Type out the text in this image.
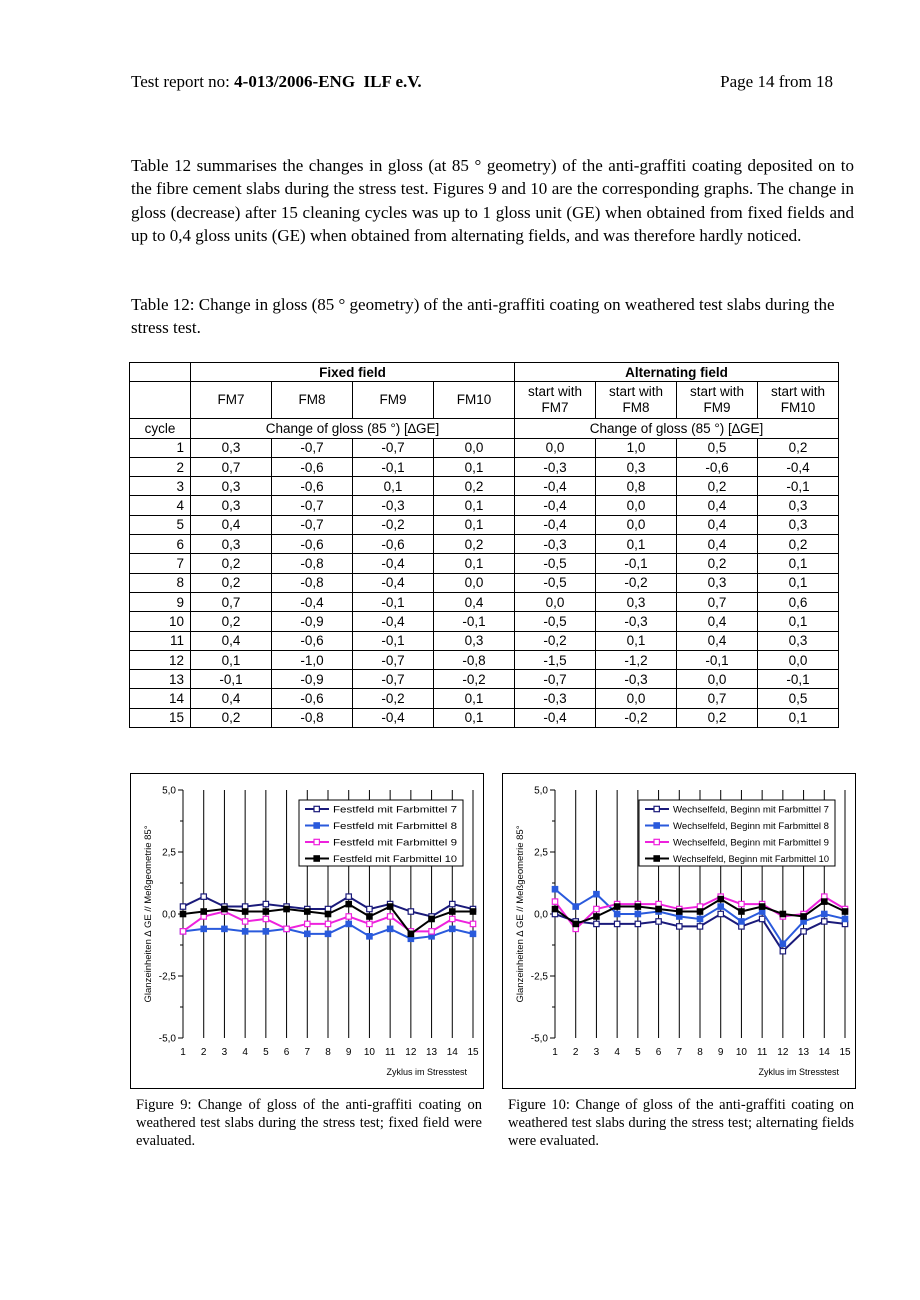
Test report no: 4-013/2006-ENG ILF e.V.	Page 14 from 18

Table 12 summarises the changes in gloss (at 85 ° geometry) of the anti-graffiti coating deposited on to the fibre cement slabs during the stress test. Figures 9 and 10 are the corresponding graphs. The change in gloss (decrease) after 15 cleaning cycles was up to 1 gloss unit (GE) when obtained from fixed fields and up to 0,4 gloss units (GE) when obtained from alternating fields, and was therefore hardly noticed.

Table 12: Change in gloss (85 ° geometry) of the anti-graffiti coating on weathered test slabs during the stress test.

	Fixed field				Alternating field			
	FM7	FM8	FM9	FM10	start with FM7	start with FM8	start with FM9	start with FM10
cycle	Change of gloss (85 °) [∆GE]				Change of gloss (85 °) [∆GE]			
1	0,3	-0,7	-0,7	0,0	0,0	1,0	0,5	0,2
2	0,7	-0,6	-0,1	0,1	-0,3	0,3	-0,6	-0,4
3	0,3	-0,6	0,1	0,2	-0,4	0,8	0,2	-0,1
4	0,3	-0,7	-0,3	0,1	-0,4	0,0	0,4	0,3
5	0,4	-0,7	-0,2	0,1	-0,4	0,0	0,4	0,3
6	0,3	-0,6	-0,6	0,2	-0,3	0,1	0,4	0,2
7	0,2	-0,8	-0,4	0,1	-0,5	-0,1	0,2	0,1
8	0,2	-0,8	-0,4	0,0	-0,5	-0,2	0,3	0,1
9	0,7	-0,4	-0,1	0,4	0,0	0,3	0,7	0,6
10	0,2	-0,9	-0,4	-0,1	-0,5	-0,3	0,4	0,1
11	0,4	-0,6	-0,1	0,3	-0,2	0,1	0,4	0,3
12	0,1	-1,0	-0,7	-0,8	-1,5	-1,2	-0,1	0,0
13	-0,1	-0,9	-0,7	-0,2	-0,7	-0,3	0,0	-0,1
14	0,4	-0,6	-0,2	0,1	-0,3	0,0	0,7	0,5
15	0,2	-0,8	-0,4	0,1	-0,4	-0,2	0,2	0,1
5,0
2,5
0,0
-2,5
-5,0
1 2 3 4 5 6 7 8 9 10 11 12 13 14 15
Zyklus im Stresstest
Glanzeinheiten ∆ GE // Meßgeometrie 85°
Festfeld mit Farbmittel 7
Festfeld mit Farbmittel 8
Festfeld mit Farbmittel 9
Festfeld mit Farbmittel 10
5,0
2,5
0,0
-2,5
-5,0
1 2 3 4 5 6 7 8 9 10 11 12 13 14 15
Zyklus im Stresstest
Glanzeinheiten ∆ GE // Meßgeometrie 85°
Wechselfeld, Beginn mit Farbmittel 7
Wechselfeld, Beginn mit Farbmittel 8
Wechselfeld, Beginn mit Farbmittel 9
Wechselfeld, Beginn mit Farbmittel 10

Figure 9: Change of gloss of the anti-graffiti coating on weathered test slabs during the stress test; fixed field were evaluated.

Figure 10: Change of gloss of the anti-graffiti coating on weathered test slabs during the stress test; alternating fields were evaluated.
